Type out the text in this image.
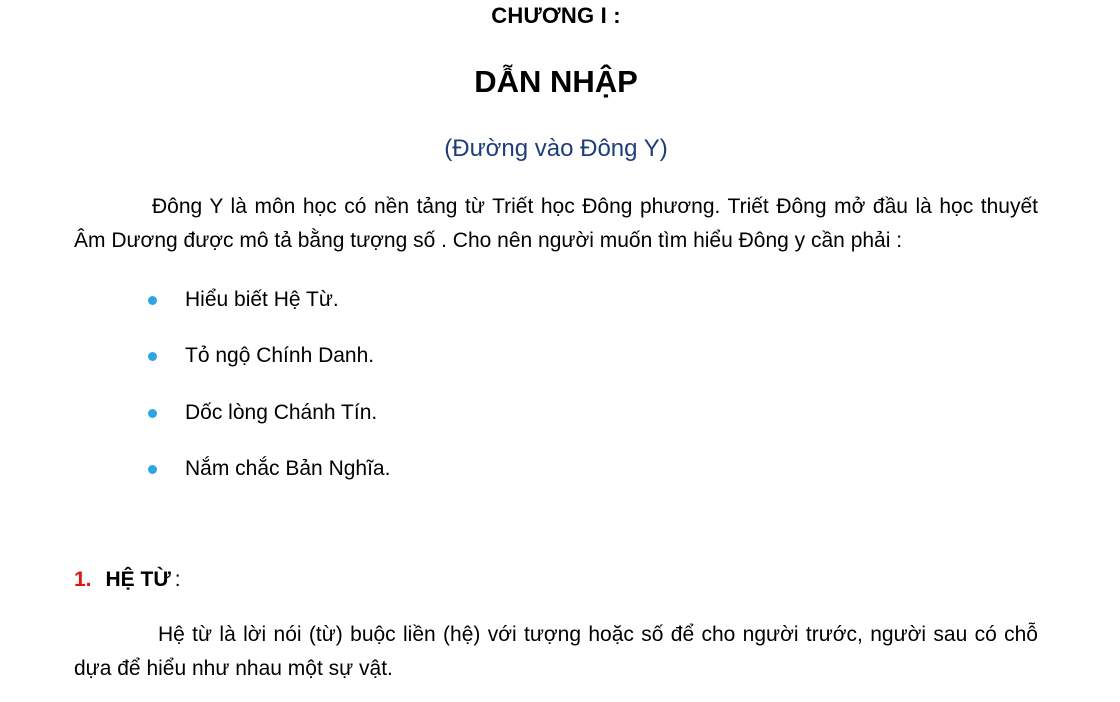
CHƯƠNG I :
DẪN NHẬP
(Đường vào Đông Y)
Đông Y là môn học có nền tảng từ Triết học Đông phương. Triết Đông mở đầu là học thuyết Âm Dương được mô tả bằng tượng số . Cho nên người muốn tìm hiểu Đông y cần phải :
Hiểu biết Hệ Từ.
Tỏ ngộ Chính Danh.
Dốc lòng Chánh Tín.
Nắm chắc Bản Nghĩa.
1. HỆ TỪ :
Hệ từ là lời nói (từ) buộc liền (hệ) với tượng hoặc số để cho người trước, người sau có chỗ dựa để hiểu như nhau một sự vật.
